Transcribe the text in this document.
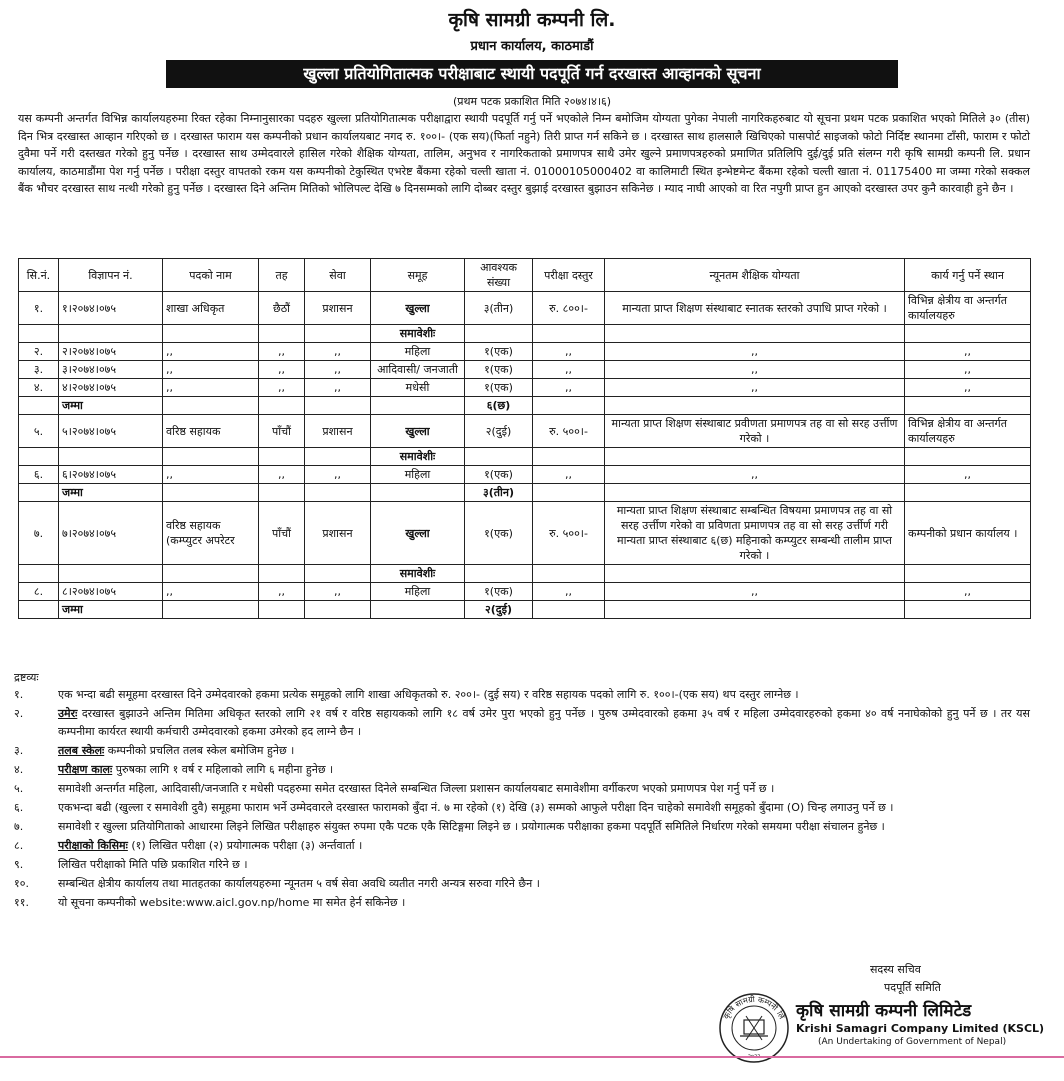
कृषि सामग्री कम्पनी लि.
प्रधान कार्यालय, काठमाडौं
खुल्ला प्रतियोगितात्मक परीक्षाबाट स्थायी पदपूर्ति गर्न दरखास्त आव्हानको सूचना
(प्रथम पटक प्रकाशित मिति २०७४।४।६)
यस कम्पनी अन्तर्गत विभिन्न कार्यालयहरुमा रिक्त रहेका निम्नानुसारका पदहरु खुल्ला प्रतियोगितात्मक परीक्षाद्वारा स्थायी पदपूर्ति गर्नु पर्ने भएकोले निम्न बमोजिम योग्यता पुगेका नेपाली नागरिकहरुबाट यो सूचना प्रथम पटक प्रकाशित भएको मितिले ३० (तीस) दिन भित्र दरखास्त आव्हान गरिएको छ । दरखास्त फाराम यस कम्पनीको प्रधान कार्यालयबाट नगद रु. १००।- (एक सय)(फिर्ता नहुने) तिरी प्राप्त गर्न सकिने छ । दरखास्त साथ हालसालै खिचिएको पासपोर्ट साइजको फोटो निर्दिष्ट स्थानमा टाँसी, फाराम र फोटो दुवैमा पर्ने गरी दस्तखत गरेको हुनु पर्नेछ । दरखास्त साथ उम्मेदवारले हासिल गरेको शैक्षिक योग्यता, तालिम, अनुभव र नागरिकताको प्रमाणपत्र साथै उमेर खुल्ने प्रमाणपत्रहरुको प्रमाणित प्रतिलिपि दुई/दुई प्रति संलग्न गरी कृषि सामग्री कम्पनी लि. प्रधान कार्यालय, काठमाडौंमा पेश गर्नु पर्नेछ । परीक्षा दस्तुर वापतको रकम यस कम्पनीको टेकुस्थित एभरेष्ट बैंकमा रहेको चल्ती खाता नं. 01000105000402 वा कालिमाटी स्थित इन्भेष्टमेन्ट बैंकमा रहेको चल्ती खाता नं. 01175400 मा जम्मा गरेको सक्कल बैंक भौचर दरखास्त साथ नत्थी गरेको हुनु पर्नेछ । दरखास्त दिने अन्तिम मितिको भोलिपल्ट देखि ७ दिनसम्मको लागि दोब्बर दस्तुर बुझाई दरखास्त बुझाउन सकिनेछ । म्याद नाघी आएको वा रित नपुगी प्राप्त हुन आएको दरखास्त उपर कुनै कारवाही हुने छैन ।
सि.नं.	विज्ञापन नं.	पदको नाम	तह	सेवा	समूह	आवश्यक संख्या	परीक्षा दस्तुर	न्यूनतम शैक्षिक योग्यता	कार्य गर्नु पर्ने स्थान
१.	१।२०७४।०७५	शाखा अधिकृत	छैठौं	प्रशासन	खुल्ला	३(तीन)	रु. ८००।-	मान्यता प्राप्त शिक्षण संस्थाबाट स्नातक स्तरको उपाधि प्राप्त गरेको ।	विभिन्न क्षेत्रीय वा अन्तर्गत कार्यालयहरु
					समावेशीः				
२.	२।२०७४।०७५	,,	,,	,,	महिला	१(एक)	,,	,,	,,
३.	३।२०७४।०७५	,,	,,	,,	आदिवासी/ जनजाती	१(एक)	,,	,,	,,
४.	४।२०७४।०७५	,,	,,	,,	मधेसी	१(एक)	,,	,,	,,
	जम्मा					६(छ)			
५.	५।२०७४।०७५	वरिष्ठ सहायक	पाँचौं	प्रशासन	खुल्ला	२(दुई)	रु. ५००।-	मान्यता प्राप्त शिक्षण संस्थाबाट प्रवीणता प्रमाणपत्र तह वा सो सरह उर्त्तीण गरेको ।	विभिन्न क्षेत्रीय वा अन्तर्गत कार्यालयहरु
					समावेशीः				
६.	६।२०७४।०७५	,,	,,	,,	महिला	१(एक)	,,	,,	,,
	जम्मा					३(तीन)			
७.	७।२०७४।०७५	वरिष्ठ सहायक (कम्प्युटर अपरेटर	पाँचौं	प्रशासन	खुल्ला	१(एक)	रु. ५००।-	मान्यता प्राप्त शिक्षण संस्थाबाट सम्बन्धित विषयमा प्रमाणपत्र तह वा सो सरह उर्त्तीण गरेको वा प्रविणता प्रमाणपत्र तह वा सो सरह उर्त्तीर्ण गरी मान्यता प्राप्त संस्थाबाट ६(छ) महिनाको कम्प्युटर सम्बन्धी तालीम प्राप्त गरेको ।	कम्पनीको प्रधान कार्यालय ।
					समावेशीः				
८.	८।२०७४।०७५	,,	,,	,,	महिला	१(एक)	,,	,,	,,
	जम्मा					२(दुई)			
द्रष्टव्यः
१.	एक भन्दा बढी समूहमा दरखास्त दिने उम्मेदवारको हकमा प्रत्येक समूहको लागि शाखा अधिकृतको रु. २००।- (दुई सय) र वरिष्ठ सहायक पदको लागि रु. १००।-(एक सय) थप दस्तुर लाग्नेछ ।
२.	उमेरः दरखास्त बुझाउने अन्तिम मितिमा अधिकृत स्तरको लागि २१ वर्ष र वरिष्ठ सहायकको लागि १८ वर्ष उमेर पुरा भएको हुनु पर्नेछ । पुरुष उम्मेदवारको हकमा ३५ वर्ष र महिला उम्मेदवारहरुको हकमा ४० वर्ष ननाघेकोको हुनु पर्ने छ । तर यस कम्पनीमा कार्यरत स्थायी कर्मचारी उम्मेदवारको हकमा उमेरको हद लाग्ने छैन ।
३.	तलब स्केलः कम्पनीको प्रचलित तलब स्केल बमोजिम हुनेछ ।
४.	परीक्षण कालः पुरुषका लागि १ वर्ष र महिलाको लागि ६ महीना हुनेछ ।
५.	समावेशी अन्तर्गत महिला, आदिवासी/जनजाति र मधेसी पदहरुमा समेत दरखास्त दिनेले सम्बन्धित जिल्ला प्रशासन कार्यालयबाट समावेशीमा वर्गीकरण भएको प्रमाणपत्र पेश गर्नु पर्ने छ ।
६.	एकभन्दा बढी (खुल्ला र समावेशी दुवै) समूहमा फाराम भर्ने उम्मेदवारले दरखास्त फारामको बुँदा नं. ७ मा रहेको (१) देखि (३) सम्मको आफुले परीक्षा दिन चाहेको समावेशी समूहको बुँदामा (O) चिन्ह लगाउनु पर्ने छ ।
७.	समावेशी र खुल्ला प्रतियोगिताको आधारमा लिइने लिखित परीक्षाहरु संयुक्त रुपमा एकै पटक एकै सिटिङ्गमा लिइने छ । प्रयोगात्मक परीक्षाका हकमा पदपूर्ति समितिले निर्धारण गरेको समयमा परीक्षा संचालन हुनेछ ।
८.	परीक्षाको किसिमः (१) लिखित परीक्षा (२) प्रयोगात्मक परीक्षा (३) अर्न्तवार्ता ।
९.	लिखित परीक्षाको मिति पछि प्रकाशित गरिने छ ।
१०.	सम्बन्धित क्षेत्रीय कार्यालय तथा मातहतका कार्यालयहरुमा न्यूनतम ५ वर्ष सेवा अवधि व्यतीत नगरी अन्यत्र सरुवा गरिने छैन ।
११.	यो सूचना कम्पनीको website:www.aicl.gov.np/home मा समेत हेर्न सकिनेछ ।
सदस्य सचिव
पदपूर्ति समिति
कृषि सामग्री कम्पनी लि कृषि सामग्री कम्पनी लिमिटेड
Krishi Samagri Company Limited (KSCL)
(An Undertaking of Government of Nepal)
